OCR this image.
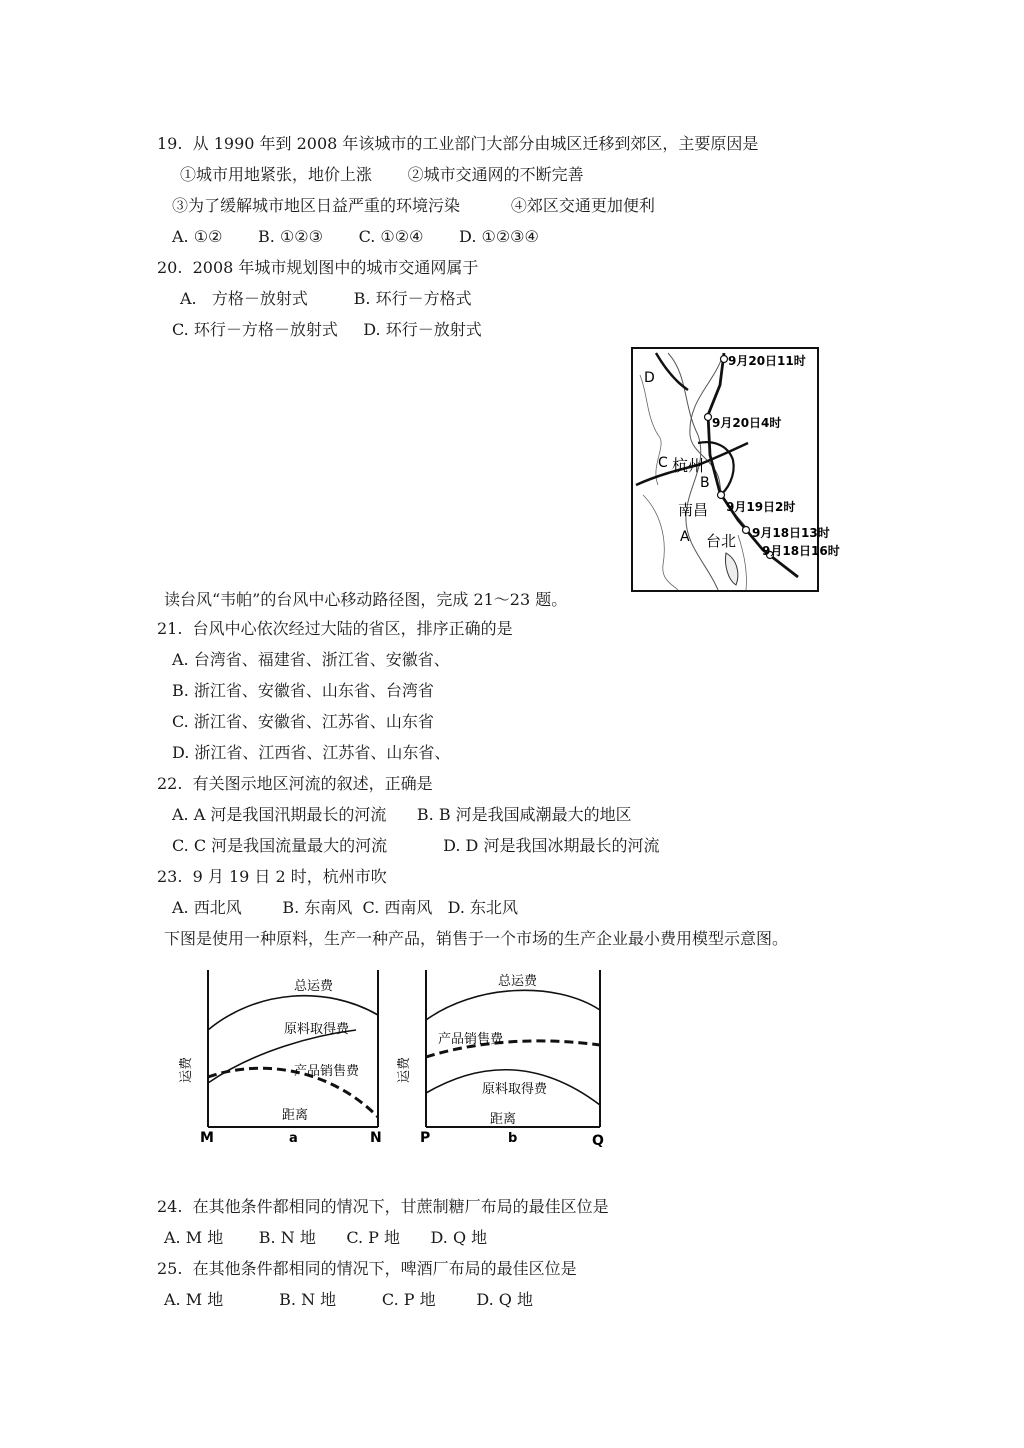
19.  从 1990 年到 2008 年该城市的工业部门大部分由城区迁移到郊区，主要原因是
①城市用地紧张，地价上涨       ②城市交通网的不断完善
③为了缓解城市地区日益严重的环境污染          ④郊区交通更加便利
A. ①②       B. ①②③       C. ①②④       D. ①②③④
20.  2008 年城市规划图中的城市交通网属于
A.   方格－放射式         B. 环行－方格式
C. 环行－方格－放射式     D. 环行－放射式
9月20日11时
9月20日4时
9月19日2时
9月18日13时
9月18日16时
杭州
南昌
台北
A
B
C
D
读台风“韦帕”的台风中心移动路径图，完成 21～23 题。
21.  台风中心依次经过大陆的省区，排序正确的是
A. 台湾省、福建省、浙江省、安徽省、
B. 浙江省、安徽省、山东省、台湾省
C. 浙江省、安徽省、江苏省、山东省
D. 浙江省、江西省、江苏省、山东省、
22.  有关图示地区河流的叙述，正确是
A. A 河是我国汛期最长的河流      B. B 河是我国咸潮最大的地区
C. C 河是我国流量最大的河流           D. D 河是我国冰期最长的河流
23.  9 月 19 日 2 时，杭州市吹
A. 西北风        B. 东南风  C. 西南风   D. 东北风
下图是使用一种原料，生产一种产品，销售于一个市场的生产企业最小费用模型示意图。
总运费
原料取得费
产品销售费
距离
运费
M	a	N
总运费
产品销售费
原料取得费
距离
运费
P	b	Q
24.  在其他条件都相同的情况下，甘蔗制糖厂布局的最佳区位是
A. M 地       B. N 地      C. P 地      D. Q 地
25.  在其他条件都相同的情况下，啤酒厂布局的最佳区位是
A. M 地           B. N 地         C. P 地        D. Q 地
